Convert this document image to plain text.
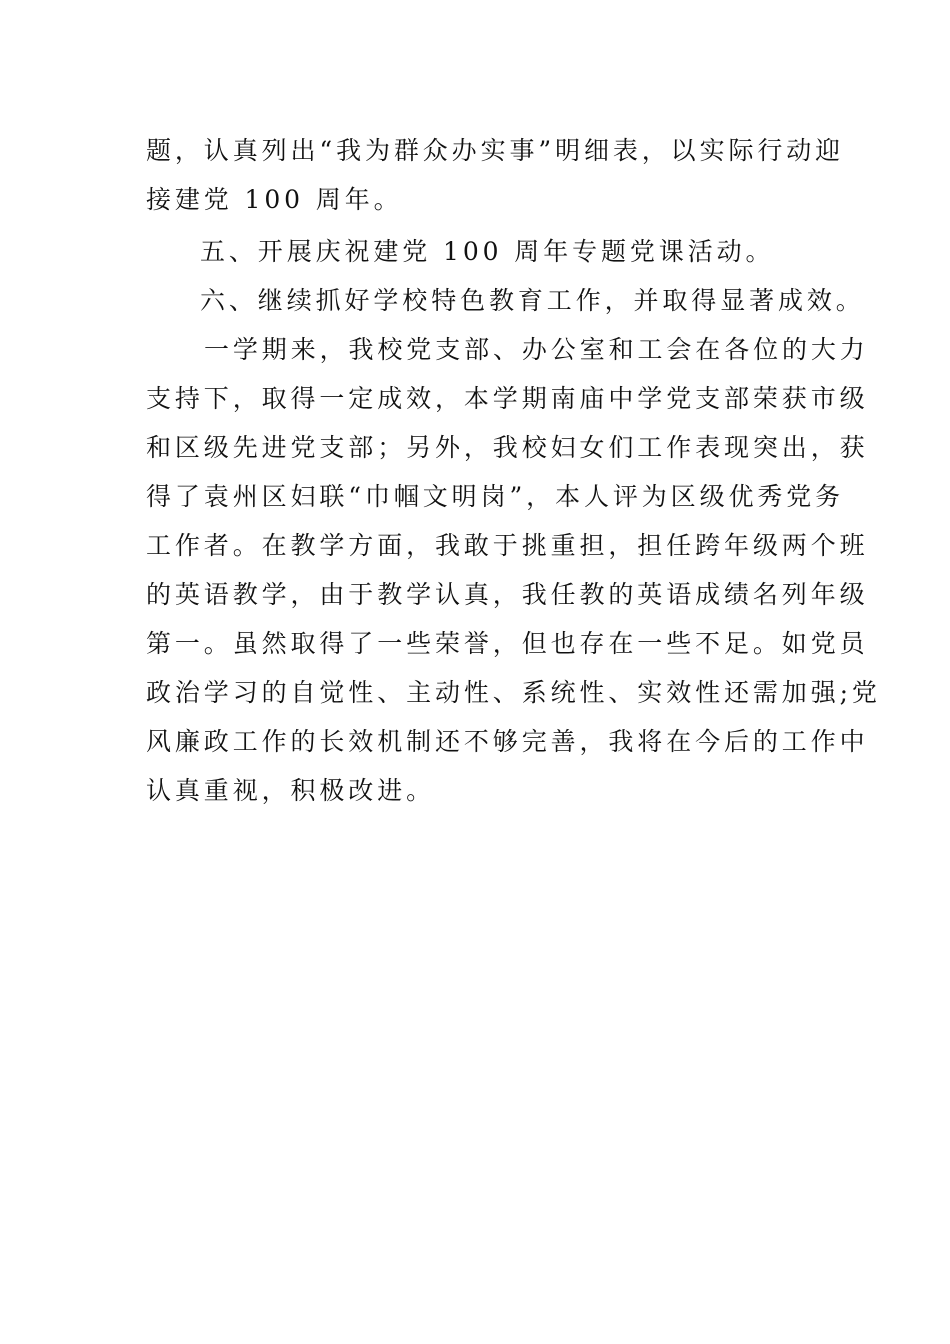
题，认真列出“我为群众办实事”明细表，以实际行动迎
接建党 100 周年。
五、开展庆祝建党 100 周年专题党课活动。
六、继续抓好学校特色教育工作，并取得显著成效。
一学期来，我校党支部、办公室和工会在各位的大力
支持下，取得一定成效，本学期南庙中学党支部荣获市级
和区级先进党支部；另外，我校妇女们工作表现突出，获
得了袁州区妇联“巾帼文明岗”，本人评为区级优秀党务
工作者。在教学方面，我敢于挑重担，担任跨年级两个班
的英语教学，由于教学认真，我任教的英语成绩名列年级
第一。虽然取得了一些荣誉，但也存在一些不足。如党员
政治学习的自觉性、主动性、系统性、实效性还需加强;党
风廉政工作的长效机制还不够完善，我将在今后的工作中
认真重视，积极改进。
